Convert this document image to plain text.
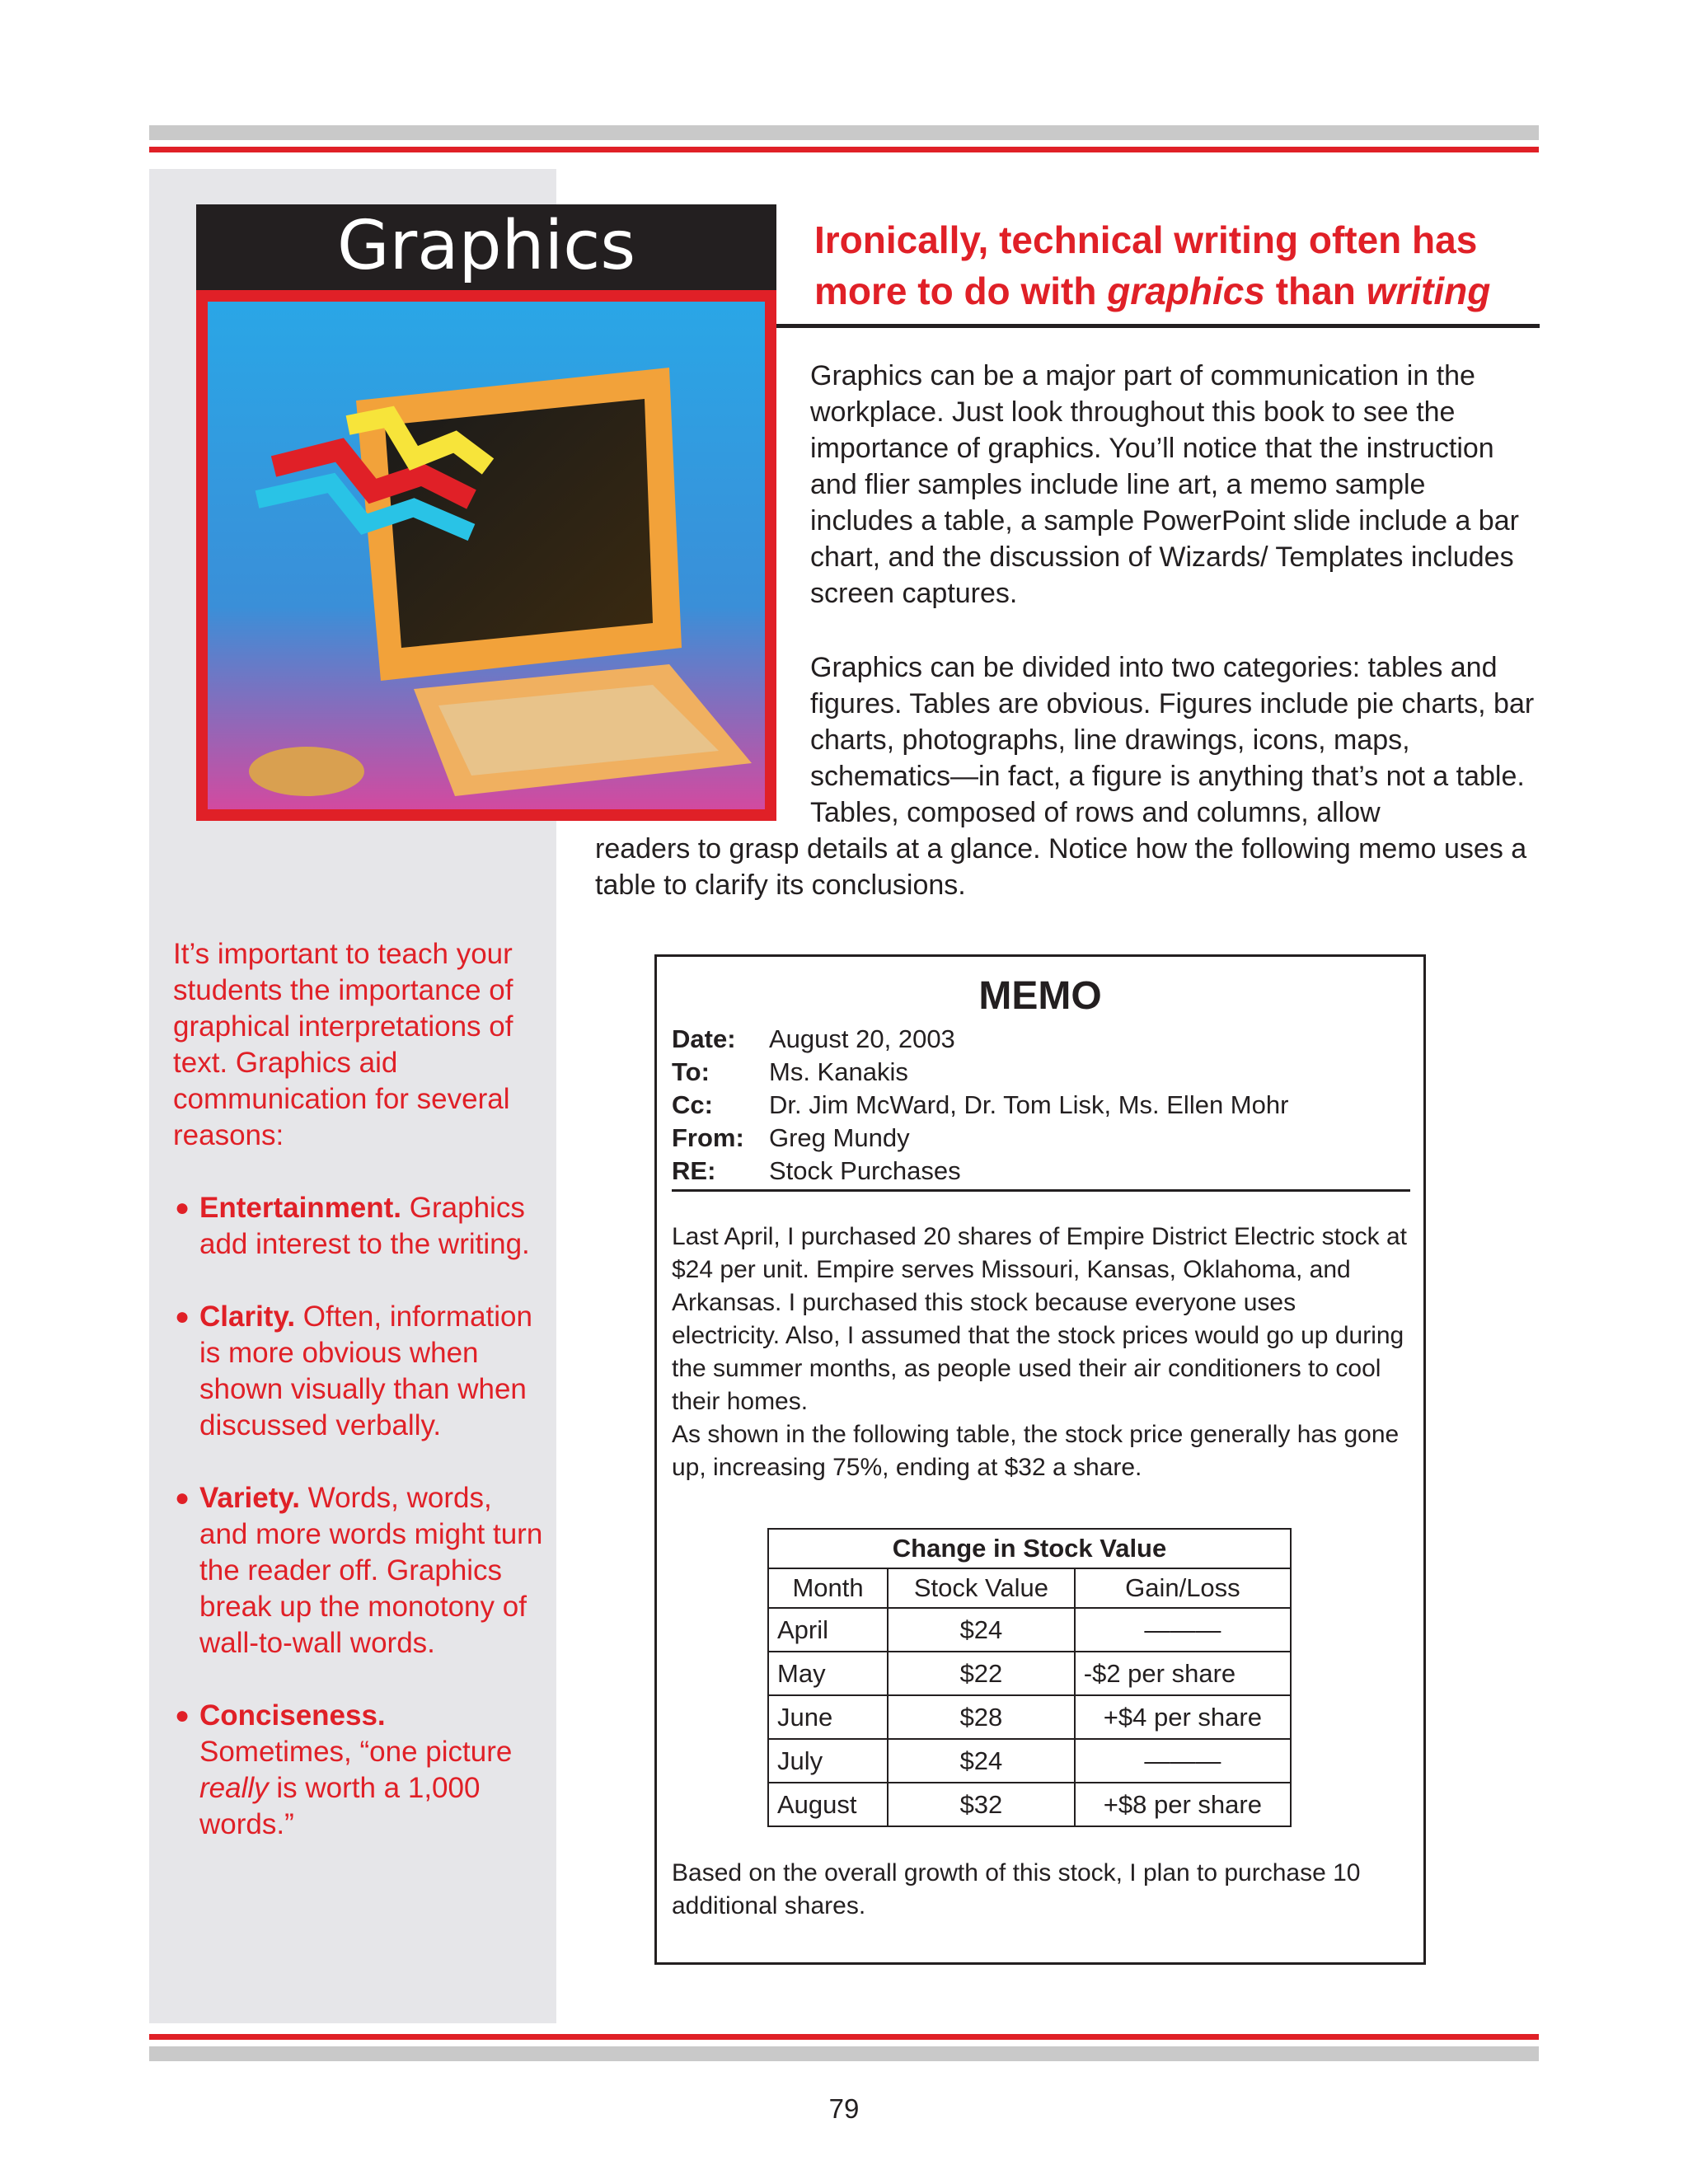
Graphics	Ironically, technical writing often has
more to do with graphics than writing
Graphics can be a major part of communication in the workplace. Just look throughout this book to see the importance of graphics. You’ll notice that the instruction and flier samples include line art, a memo sample includes a table, a sample PowerPoint slide include a bar chart, and the discussion of Wizards/ Templates includes screen captures.
Graphics can be divided into two categories: tables and figures. Tables are obvious. Figures include pie charts, bar charts, photographs, line drawings, icons, maps, schematics—in fact, a figure is anything that’s not a table. Tables, composed of rows and columns, allow
readers to grasp details at a glance. Notice how the following memo uses a table to clarify its conclusions.

It’s important to teach your students the importance of graphical interpretations of text. Graphics aid communication for several reasons:

● Entertainment. Graphics add interest to the writing.
● Clarity. Often, information is more obvious when shown visually than when discussed verbally.
● Variety. Words, words, and more words might turn the reader off. Graphics break up the monotony of wall-to-wall words.
● Conciseness. Sometimes, “one picture really is worth a 1,000 words.”
MEMO
Date: August 20, 2003
To: Ms. Kanakis
Cc: Dr. Jim McWard, Dr. Tom Lisk, Ms. Ellen Mohr
From: Greg Mundy
RE: Stock Purchases
Last April, I purchased 20 shares of Empire District Electric stock at $24 per unit. Empire serves Missouri, Kansas, Oklahoma, and Arkansas. I purchased this stock because everyone uses electricity. Also, I assumed that the stock prices would go up during the summer months, as people used their air conditioners to cool their homes.
As shown in the following table, the stock price generally has gone up, increasing 75%, ending at $32 a share.
Change in Stock Value		
Month	Stock Value	Gain/Loss
April	$24	———
May	$22	-$2 per share
June	$28	+$4 per share
July	$24	———
August	$32	+$8 per share
Based on the overall growth of this stock, I plan to purchase 10 additional shares.
79
